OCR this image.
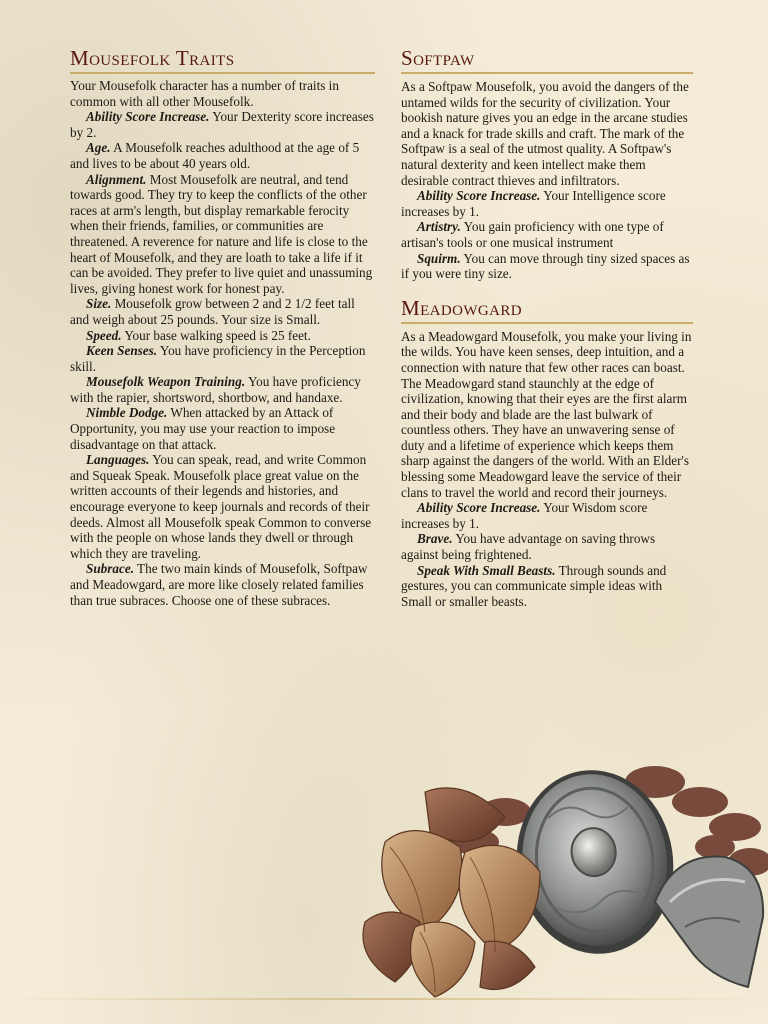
Mousefolk Traits

Your Mousefolk character has a number of traits in common with all other Mousefolk.

Ability Score Increase. Your Dexterity score increases by 2.

Age. A Mousefolk reaches adulthood at the age of 5 and lives to be about 40 years old.

Alignment. Most Mousefolk are neutral, and tend towards good. They try to keep the conflicts of the other races at arm's length, but display remarkable ferocity when their friends, families, or communities are threatened. A reverence for nature and life is close to the heart of Mousefolk, and they are loath to take a life if it can be avoided. They prefer to live quiet and unassuming lives, giving honest work for honest pay.

Size. Mousefolk grow between 2 and 2 1/2 feet tall and weigh about 25 pounds. Your size is Small.

Speed. Your base walking speed is 25 feet.

Keen Senses. You have proficiency in the Perception skill.

Mousefolk Weapon Training. You have proficiency with the rapier, shortsword, shortbow, and handaxe.

Nimble Dodge. When attacked by an Attack of Opportunity, you may use your reaction to impose disadvantage on that attack.

Languages. You can speak, read, and write Common and Squeak Speak. Mousefolk place great value on the written accounts of their legends and histories, and encourage everyone to keep journals and records of their deeds. Almost all Mousefolk speak Common to converse with the people on whose lands they dwell or through which they are traveling.

Subrace. The two main kinds of Mousefolk, Softpaw and Meadowgard, are more like closely related families than true subraces. Choose one of these subraces.

Softpaw

As a Softpaw Mousefolk, you avoid the dangers of the untamed wilds for the security of civilization. Your bookish nature gives you an edge in the arcane studies and a knack for trade skills and craft. The mark of the Softpaw is a seal of the utmost quality. A Softpaw's natural dexterity and keen intellect make them desirable contract thieves and infiltrators.

Ability Score Increase. Your Intelligence score increases by 1.

Artistry. You gain proficiency with one type of artisan's tools or one musical instrument

Squirm. You can move through tiny sized spaces as if you were tiny size.

Meadowgard

As a Meadowgard Mousefolk, you make your living in the wilds. You have keen senses, deep intuition, and a connection with nature that few other races can boast. The Meadowgard stand staunchly at the edge of civilization, knowing that their eyes are the first alarm and their body and blade are the last bulwark of countless others. They have an unwavering sense of duty and a lifetime of experience which keeps them sharp against the dangers of the world. With an Elder's blessing some Meadowgard leave the service of their clans to travel the world and record their journeys.

Ability Score Increase. Your Wisdom score increases by 1.

Brave. You have advantage on saving throws against being frightened.

Speak With Small Beasts. Through sounds and gestures, you can communicate simple ideas with Small or smaller beasts.
